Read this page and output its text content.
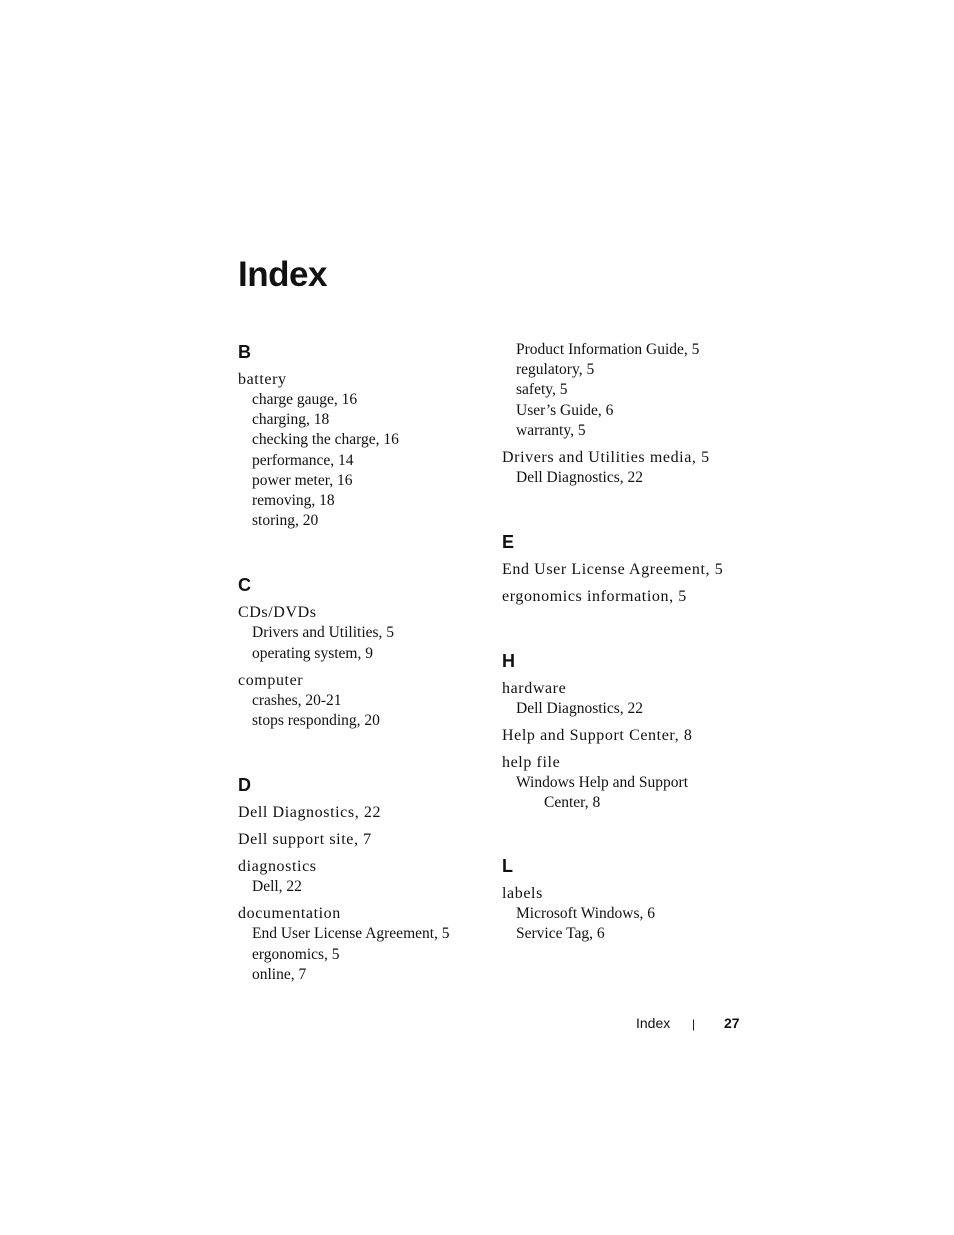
Index
B
battery
charge gauge, 16
charging, 18
checking the charge, 16
performance, 14
power meter, 16
removing, 18
storing, 20
C
CDs/DVDs
Drivers and Utilities, 5
operating system, 9
computer
crashes, 20-21
stops responding, 20
D
Dell Diagnostics, 22
Dell support site, 7
diagnostics
Dell, 22
documentation
End User License Agreement, 5
ergonomics, 5
online, 7
Product Information Guide, 5
regulatory, 5
safety, 5
User’s Guide, 6
warranty, 5
Drivers and Utilities media, 5
Dell Diagnostics, 22
E
End User License Agreement, 5
ergonomics information, 5
H
hardware
Dell Diagnostics, 22
Help and Support Center, 8
help file
Windows Help and Support
Center, 8
L
labels
Microsoft Windows, 6
Service Tag, 6
Index | 27
